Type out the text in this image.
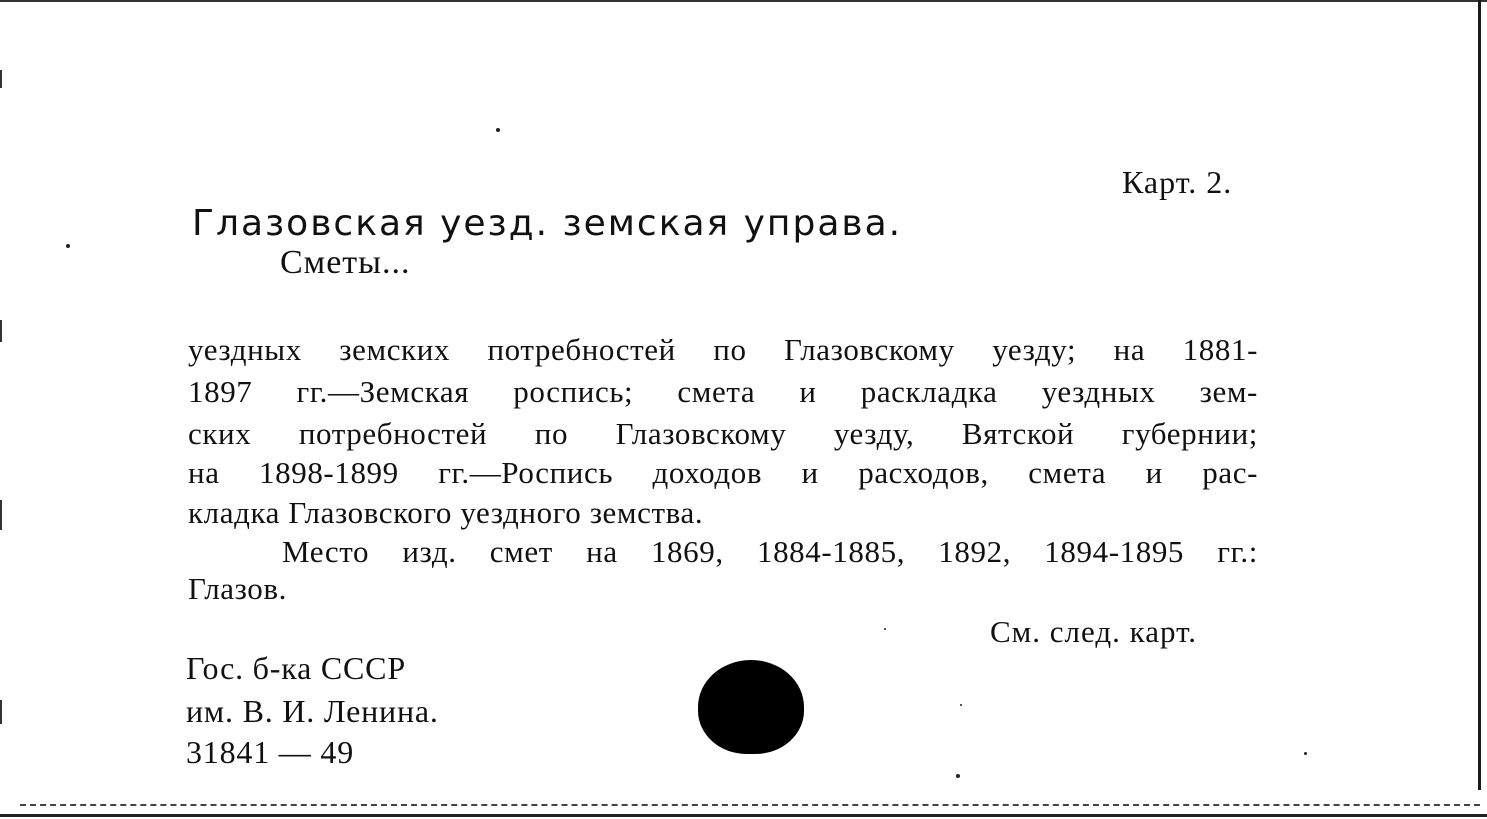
Карт. 2.
Глазовская уезд. земская управа.
Сметы...
уездных земских потребностей по Глазовскому уезду; на 1881-
1897 гг.—Земская роспись; смета и раскладка уездных зем-
ских потребностей по Глазовскому уезду, Вятской губернии;
на 1898-1899 гг.—Роспись доходов и расходов, смета и рас-
кладка Глазовского уездного земства.
Место изд. смет на 1869, 1884-1885, 1892, 1894-1895 гг.:
Глазов.
См. след. карт.
Гос. б-ка СССР
им. В. И. Ленина.
31841 — 49
